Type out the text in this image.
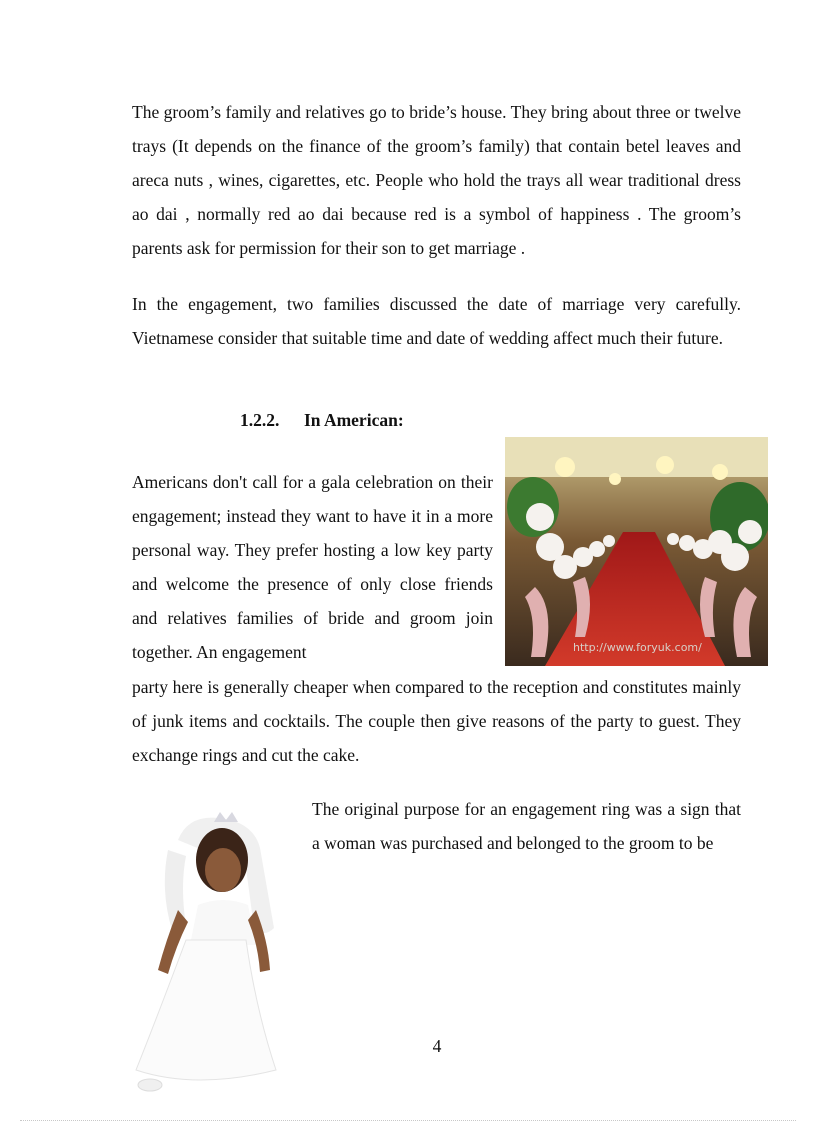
The groom’s family and relatives go to bride’s house. They bring about three or twelve trays (It depends on the finance of the groom’s family) that contain betel leaves and areca nuts , wines, cigarettes, etc. People who hold the trays all wear traditional dress ao dai , normally red ao dai because red is a symbol of happiness . The groom’s parents ask for permission for their son to get marriage .

In the engagement, two families discussed the date of marriage very carefully. Vietnamese consider that suitable time and date of wedding affect much their future.

1.2.2. In American:
http://www.foryuk.com/

Americans don't call for a gala celebration on their engagement; instead they want to have it in a more personal way. They prefer hosting a low key party and welcome the presence of only close friends and relatives families of bride and groom join together. An engagement

party here is generally cheaper when compared to the reception and constitutes mainly of junk items and cocktails. The couple then give reasons of the party to guest. They exchange rings and cut the cake.

The original purpose for an engagement ring was a sign that a woman was purchased and belonged to the groom to be

4
